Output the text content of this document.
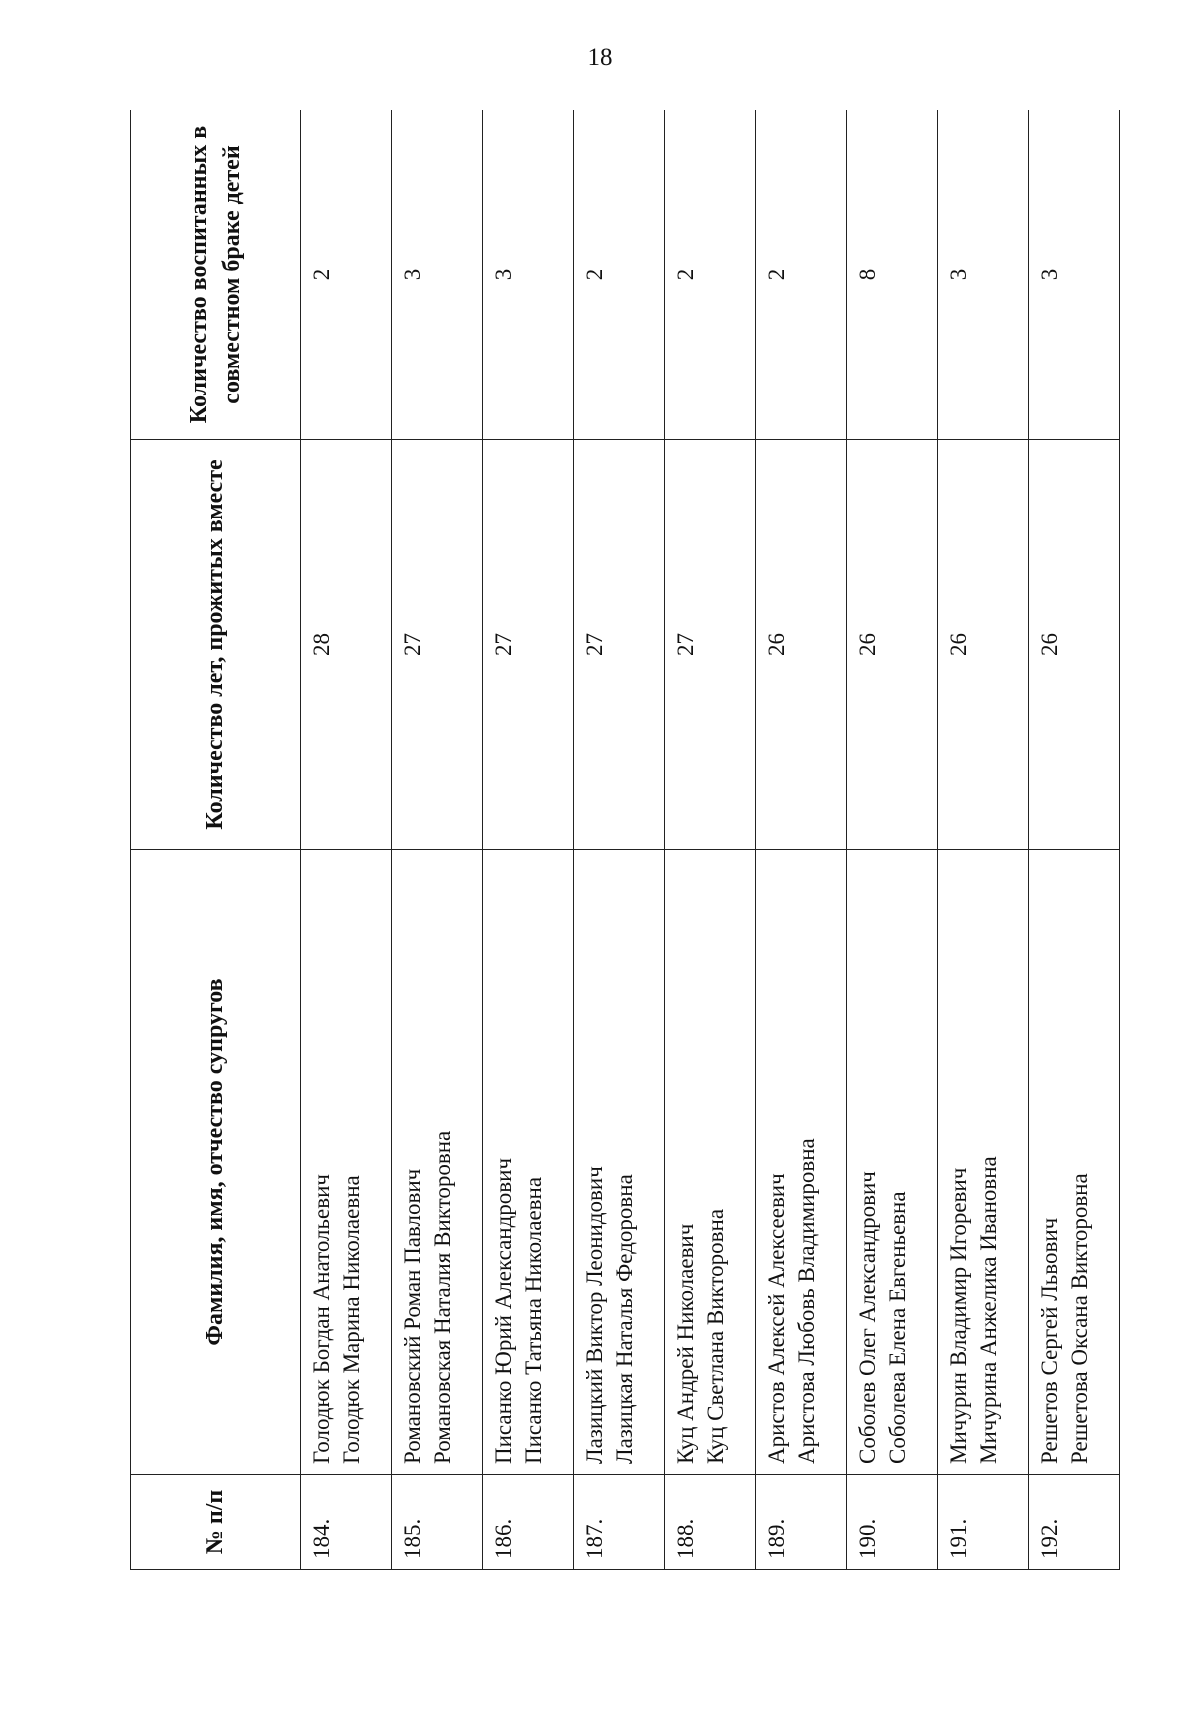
18
№ п/п	Фамилия, имя, отчество супругов	Количество лет, прожитых вместе	Количество воспитанных в совместном браке детей
184.	Голодюк Богдан Анатольевич Голодюк Марина Николаевна	28	2
185.	Романовский Роман Павлович Романовская Наталия Викторовна	27	3
186.	Писанко Юрий Александрович Писанко Татьяна Николаевна	27	3
187.	Лазицкий Виктор Леонидович Лазицкая Наталья Федоровна	27	2
188.	Куц Андрей Николаевич Куц Светлана Викторовна	27	2
189.	Аристов Алексей Алексеевич Аристова Любовь Владимировна	26	2
190.	Соболев Олег Александрович Соболева Елена Евгеньевна	26	8
191.	Мичурин Владимир Игоревич Мичурина Анжелика Ивановна	26	3
192.	Решетов Сергей Львович Решетова Оксана Викторовна	26	3
